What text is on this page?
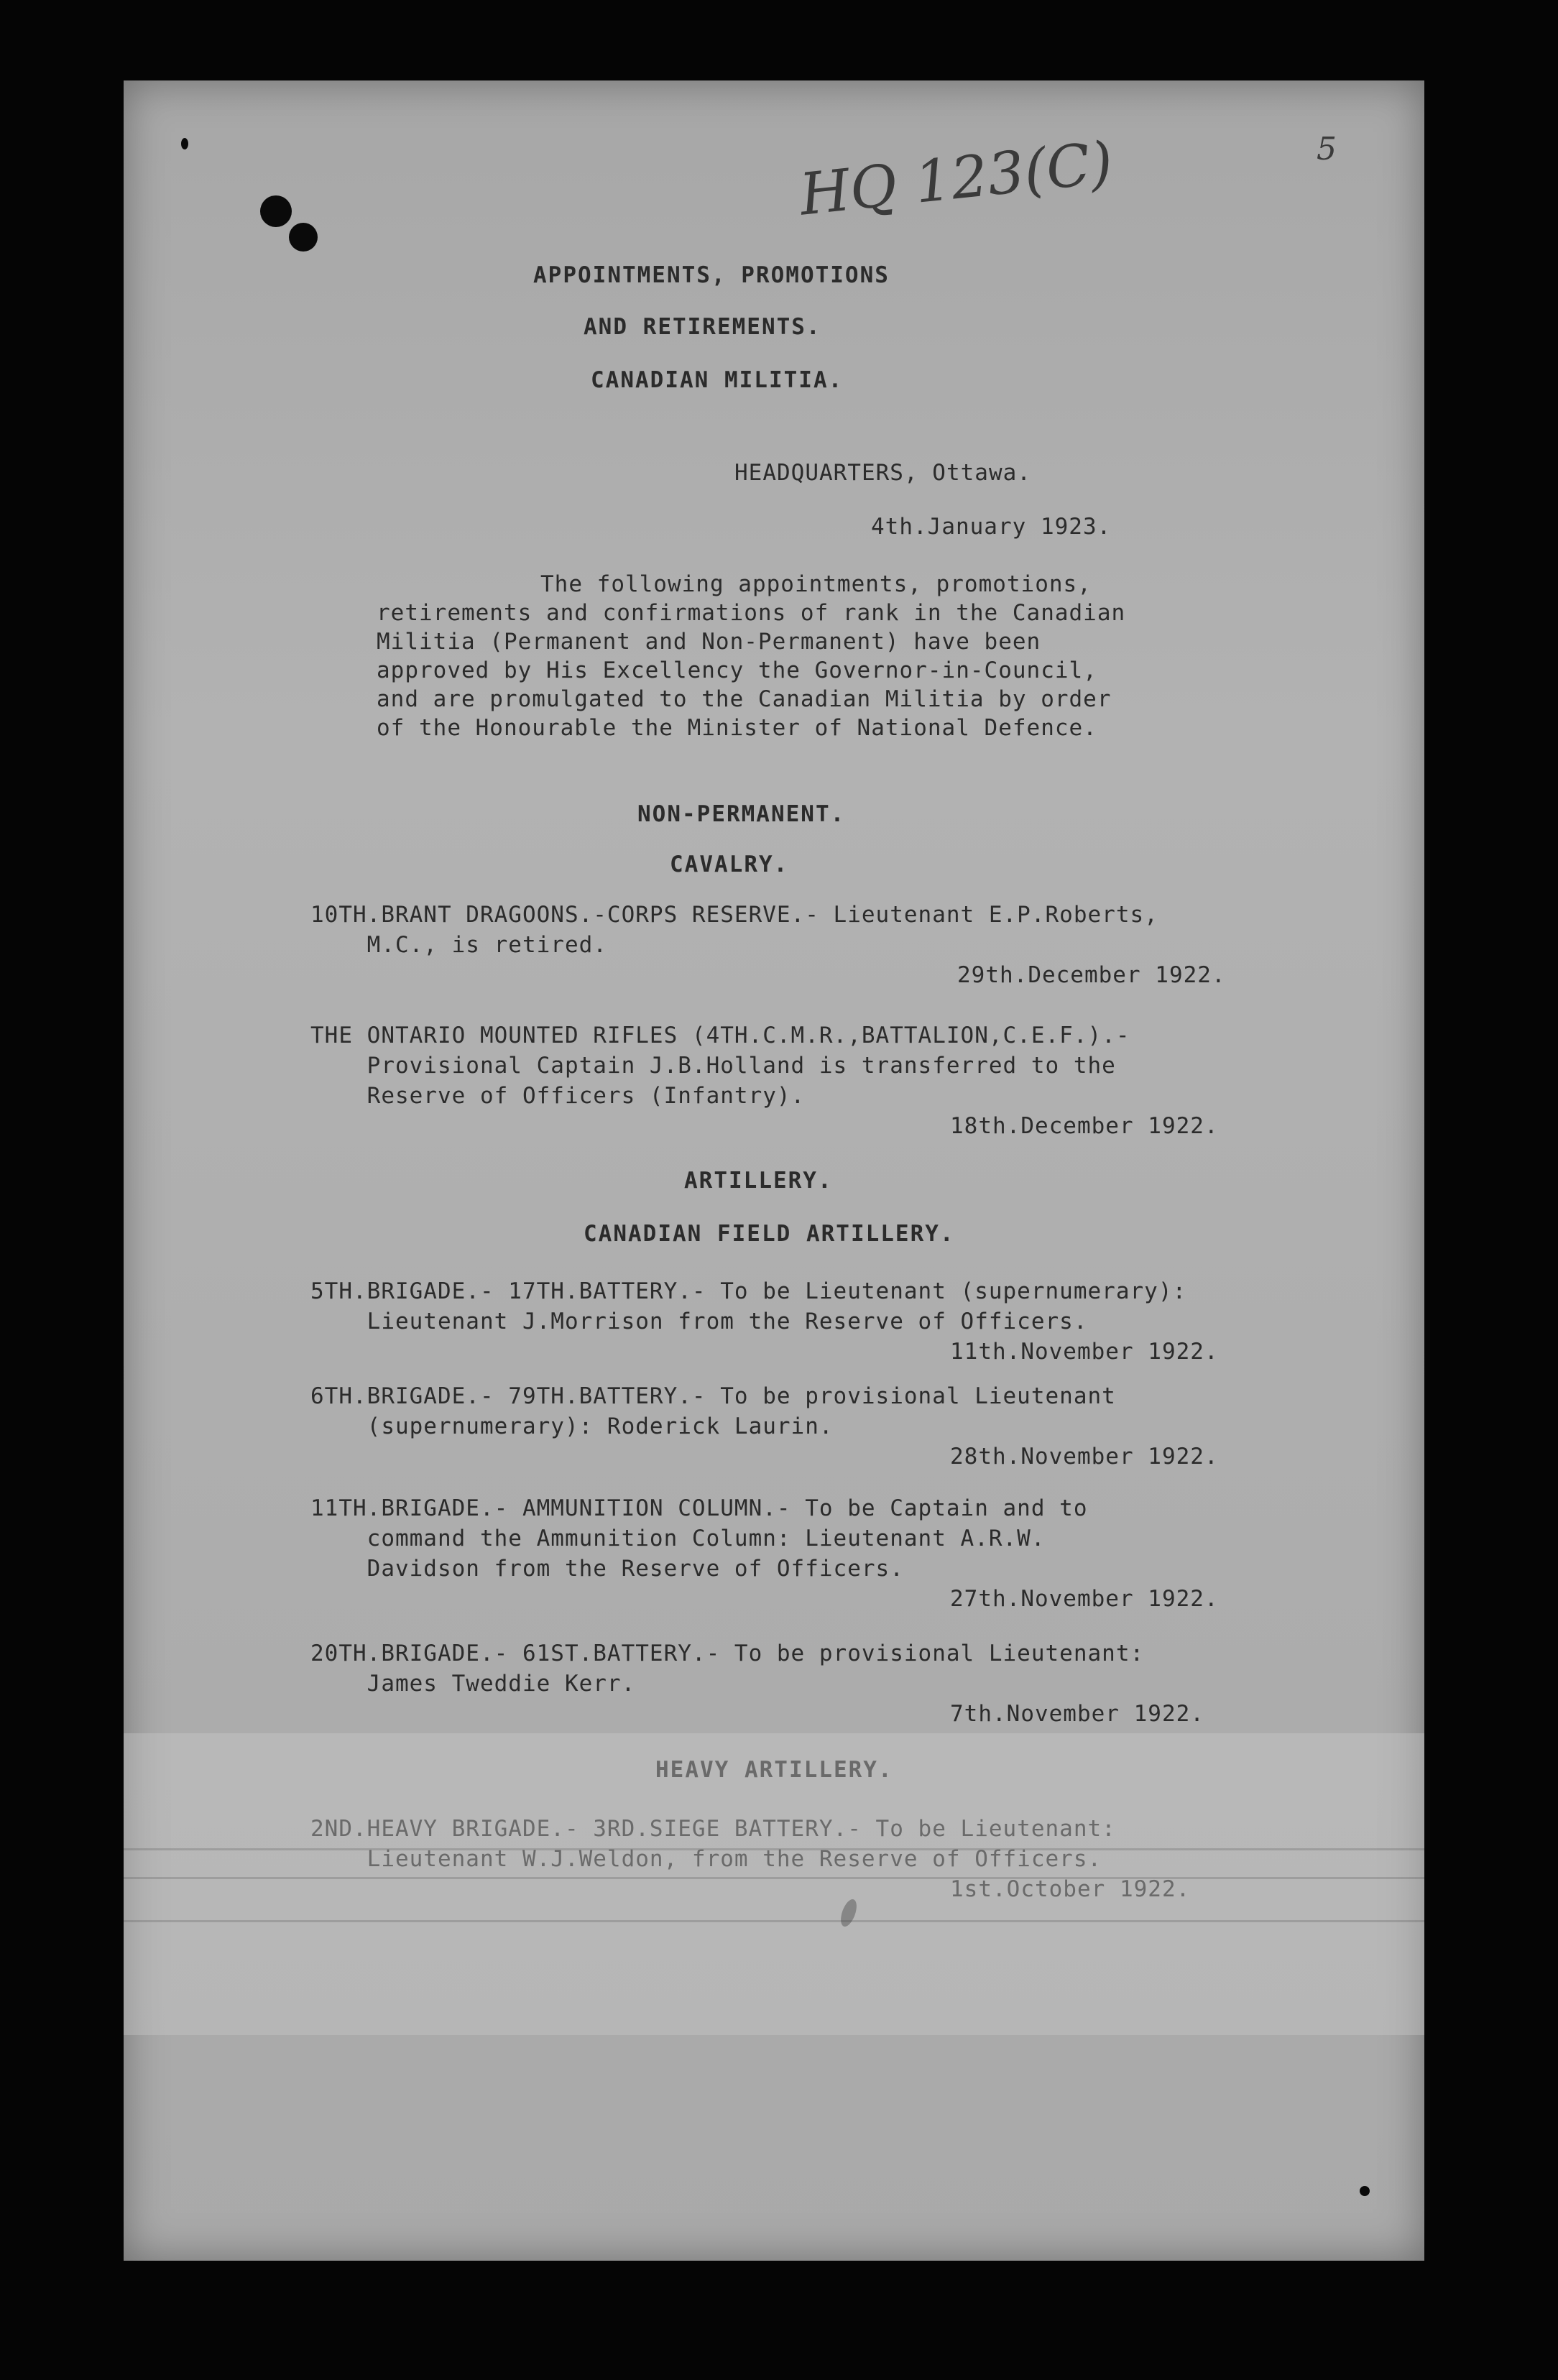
HQ 123(C)	5
APPOINTMENTS, PROMOTIONS
AND RETIREMENTS.
CANADIAN MILITIA.
HEADQUARTERS, Ottawa.
4th.January 1923.
The following appointments, promotions,
retirements and confirmations of rank in the Canadian
Militia (Permanent and Non-Permanent) have been
approved by His Excellency the Governor-in-Council,
and are promulgated to the Canadian Militia by order
of the Honourable the Minister of National Defence.
NON-PERMANENT.
CAVALRY.
10TH.BRANT DRAGOONS.-CORPS RESERVE.- Lieutenant E.P.Roberts,
M.C., is retired.
29th.December 1922.
THE ONTARIO MOUNTED RIFLES (4TH.C.M.R.,BATTALION,C.E.F.).-
Provisional Captain J.B.Holland is transferred to the
Reserve of Officers (Infantry).
18th.December 1922.
ARTILLERY.
CANADIAN FIELD ARTILLERY.
5TH.BRIGADE.- 17TH.BATTERY.- To be Lieutenant (supernumerary):
Lieutenant J.Morrison from the Reserve of Officers.
11th.November 1922.
6TH.BRIGADE.- 79TH.BATTERY.- To be provisional Lieutenant
(supernumerary): Roderick Laurin.
28th.November 1922.
11TH.BRIGADE.- AMMUNITION COLUMN.- To be Captain and to
command the Ammunition Column: Lieutenant A.R.W.
Davidson from the Reserve of Officers.
27th.November 1922.
20TH.BRIGADE.- 61ST.BATTERY.- To be provisional Lieutenant:
James Tweddie Kerr.
7th.November 1922.
HEAVY ARTILLERY.
2ND.HEAVY BRIGADE.- 3RD.SIEGE BATTERY.- To be Lieutenant:
Lieutenant W.J.Weldon, from the Reserve of Officers.
1st.October 1922.
